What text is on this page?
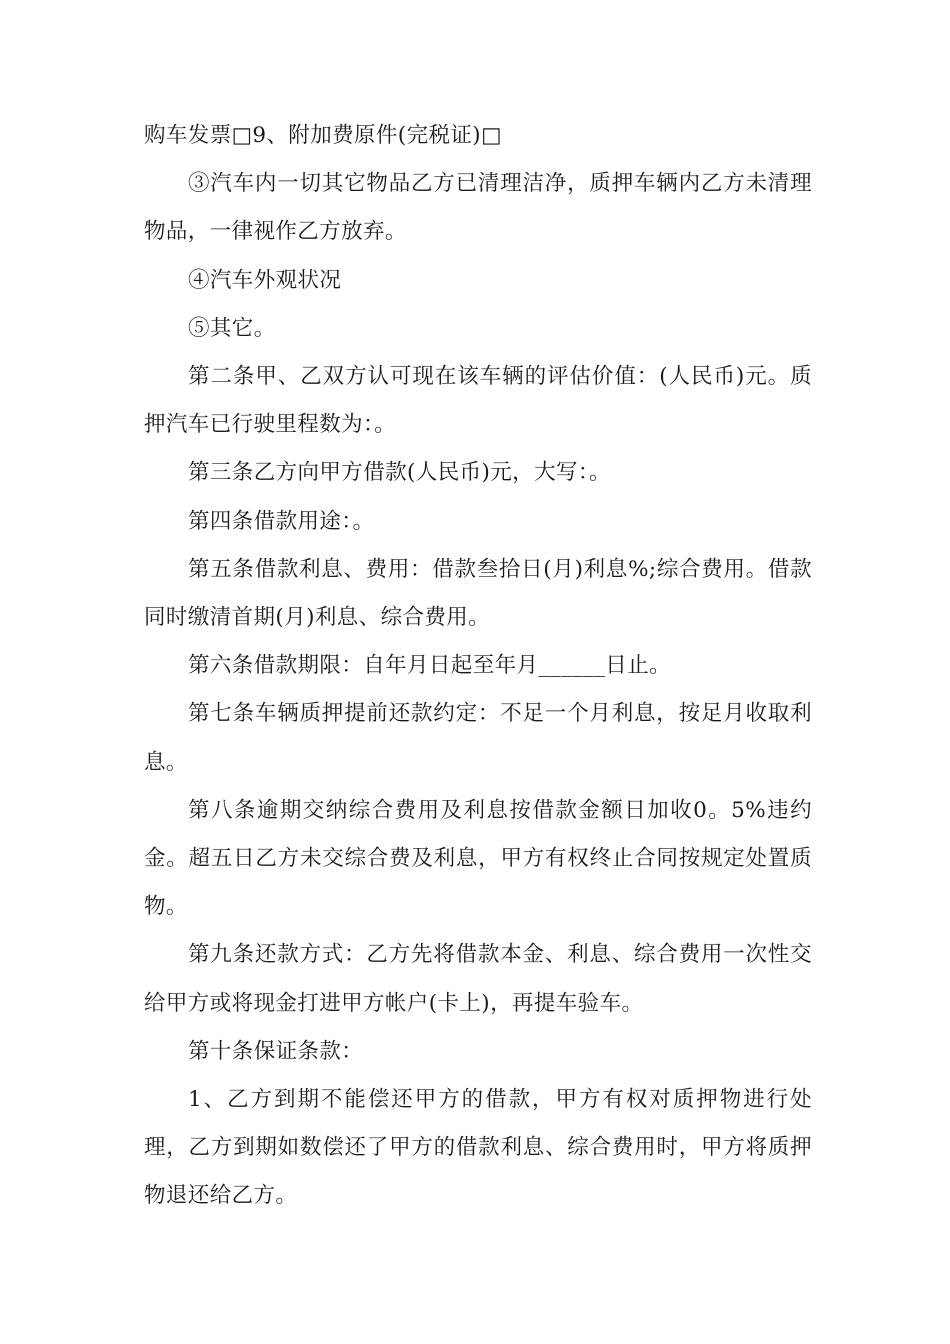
购车发票□9、附加费原件(完税证)□

③汽车内一切其它物品乙方已清理洁净，质押车辆内乙方未清理物品，一律视作乙方放弃。

④汽车外观状况

⑤其它。

第二条甲、乙双方认可现在该车辆的评估价值：(人民币)元。质押汽车已行驶里程数为：。

第三条乙方向甲方借款(人民币)元，大写：。

第四条借款用途：。

第五条借款利息、费用：借款叁拾日(月)利息%;综合费用。借款同时缴清首期(月)利息、综合费用。

第六条借款期限：自年月日起至年月______日止。

第七条车辆质押提前还款约定：不足一个月利息，按足月收取利息。

第八条逾期交纳综合费用及利息按借款金额日加收0。5%违约金。超五日乙方未交综合费及利息，甲方有权终止合同按规定处置质物。

第九条还款方式：乙方先将借款本金、利息、综合费用一次性交给甲方或将现金打进甲方帐户(卡上)，再提车验车。

第十条保证条款：

1、乙方到期不能偿还甲方的借款，甲方有权对质押物进行处理，乙方到期如数偿还了甲方的借款利息、综合费用时，甲方将质押物退还给乙方。
